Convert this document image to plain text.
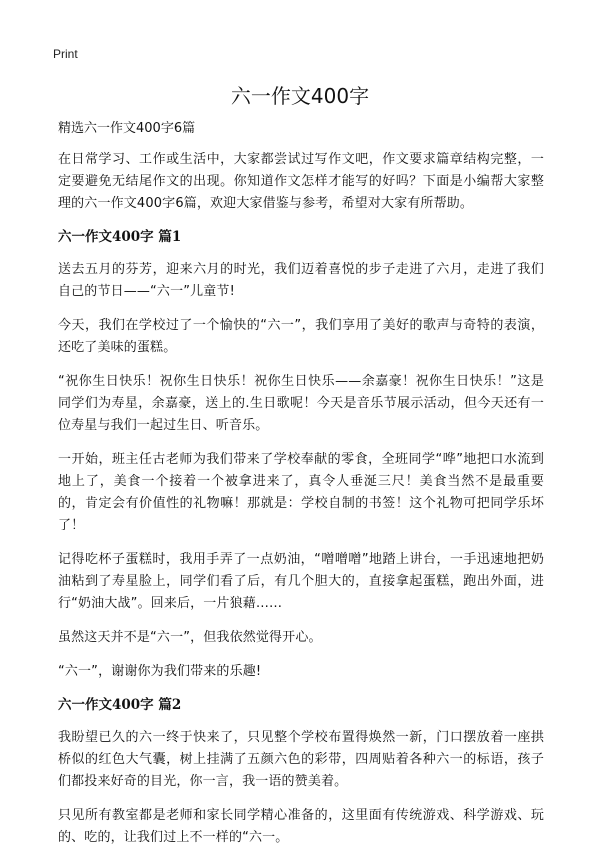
Print
六一作文400字
精选六一作文400字6篇

在日常学习、工作或生活中，大家都尝试过写作文吧，作文要求篇章结构完整，一定要避免无结尾作文的出现。你知道作文怎样才能写的好吗？下面是小编帮大家整理的六一作文400字6篇，欢迎大家借鉴与参考，希望对大家有所帮助。

六一作文400字 篇1

送去五月的芬芳，迎来六月的时光，我们迈着喜悦的步子走进了六月，走进了我们自己的节日——“六一”儿童节!

今天，我们在学校过了一个愉快的“六一”，我们享用了美好的歌声与奇特的表演，还吃了美味的蛋糕。

“祝你生日快乐！祝你生日快乐！祝你生日快乐——余嘉豪！祝你生日快乐！”这是同学们为寿星，余嘉豪，送上的.生日歌呢！今天是音乐节展示活动，但今天还有一位寿星与我们一起过生日、听音乐。

一开始，班主任古老师为我们带来了学校奉献的零食，全班同学“哗”地把口水流到地上了，美食一个接着一个被拿进来了，真令人垂涎三尺！美食当然不是最重要的，肯定会有价值性的礼物嘛！那就是：学校自制的书签！这个礼物可把同学乐坏了！

记得吃杯子蛋糕时，我用手弄了一点奶油，“噌噌噌”地踏上讲台，一手迅速地把奶油粘到了寿星脸上，同学们看了后，有几个胆大的，直接拿起蛋糕，跑出外面，进行“奶油大战”。回来后，一片狼藉……

虽然这天并不是“六一”，但我依然觉得开心。

“六一”，谢谢你为我们带来的乐趣!

六一作文400字 篇2

我盼望已久的六一终于快来了，只见整个学校布置得焕然一新，门口摆放着一座拱桥似的红色大气囊，树上挂满了五颜六色的彩带，四周贴着各种六一的标语，孩子们都投来好奇的目光，你一言，我一语的赞美着。

只见所有教室都是老师和家长同学精心准备的，这里面有传统游戏、科学游戏、玩的、吃的，让我们过上不一样的“六一。
